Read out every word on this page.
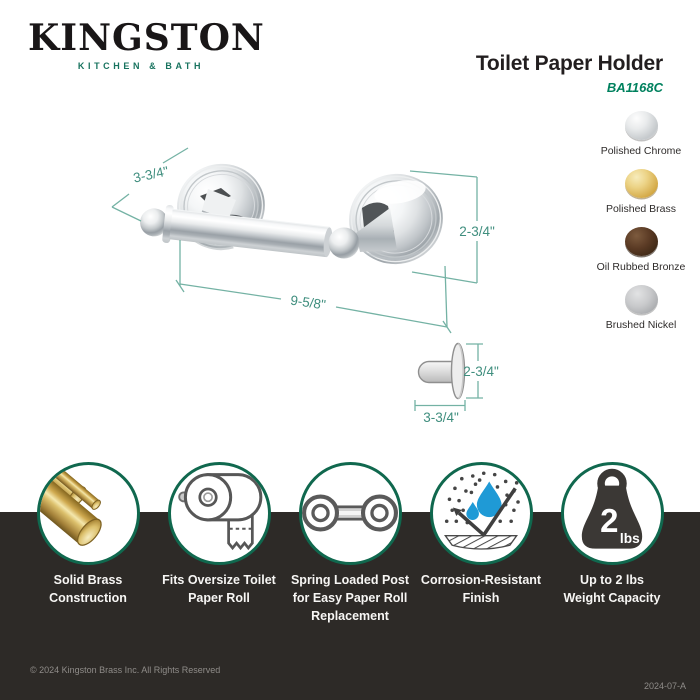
KINGSTON
KITCHEN & BATH	Toilet Paper Holder
BA1168C
3-3/4"
2-3/4"
9-5/8"
2-3/4"
3-3/4"
Polished Chrome
Polished Brass
Oil Rubbed Bronze
Brushed Nickel
Solid Brass
Construction
Fits Oversize Toilet
Paper Roll
Spring Loaded Post
for Easy Paper Roll
Replacement
Corrosion-Resistant
Finish
2 lbs
Up to 2 lbs
Weight Capacity
© 2024 Kingston Brass Inc. All Rights Reserved
2024-07-A
